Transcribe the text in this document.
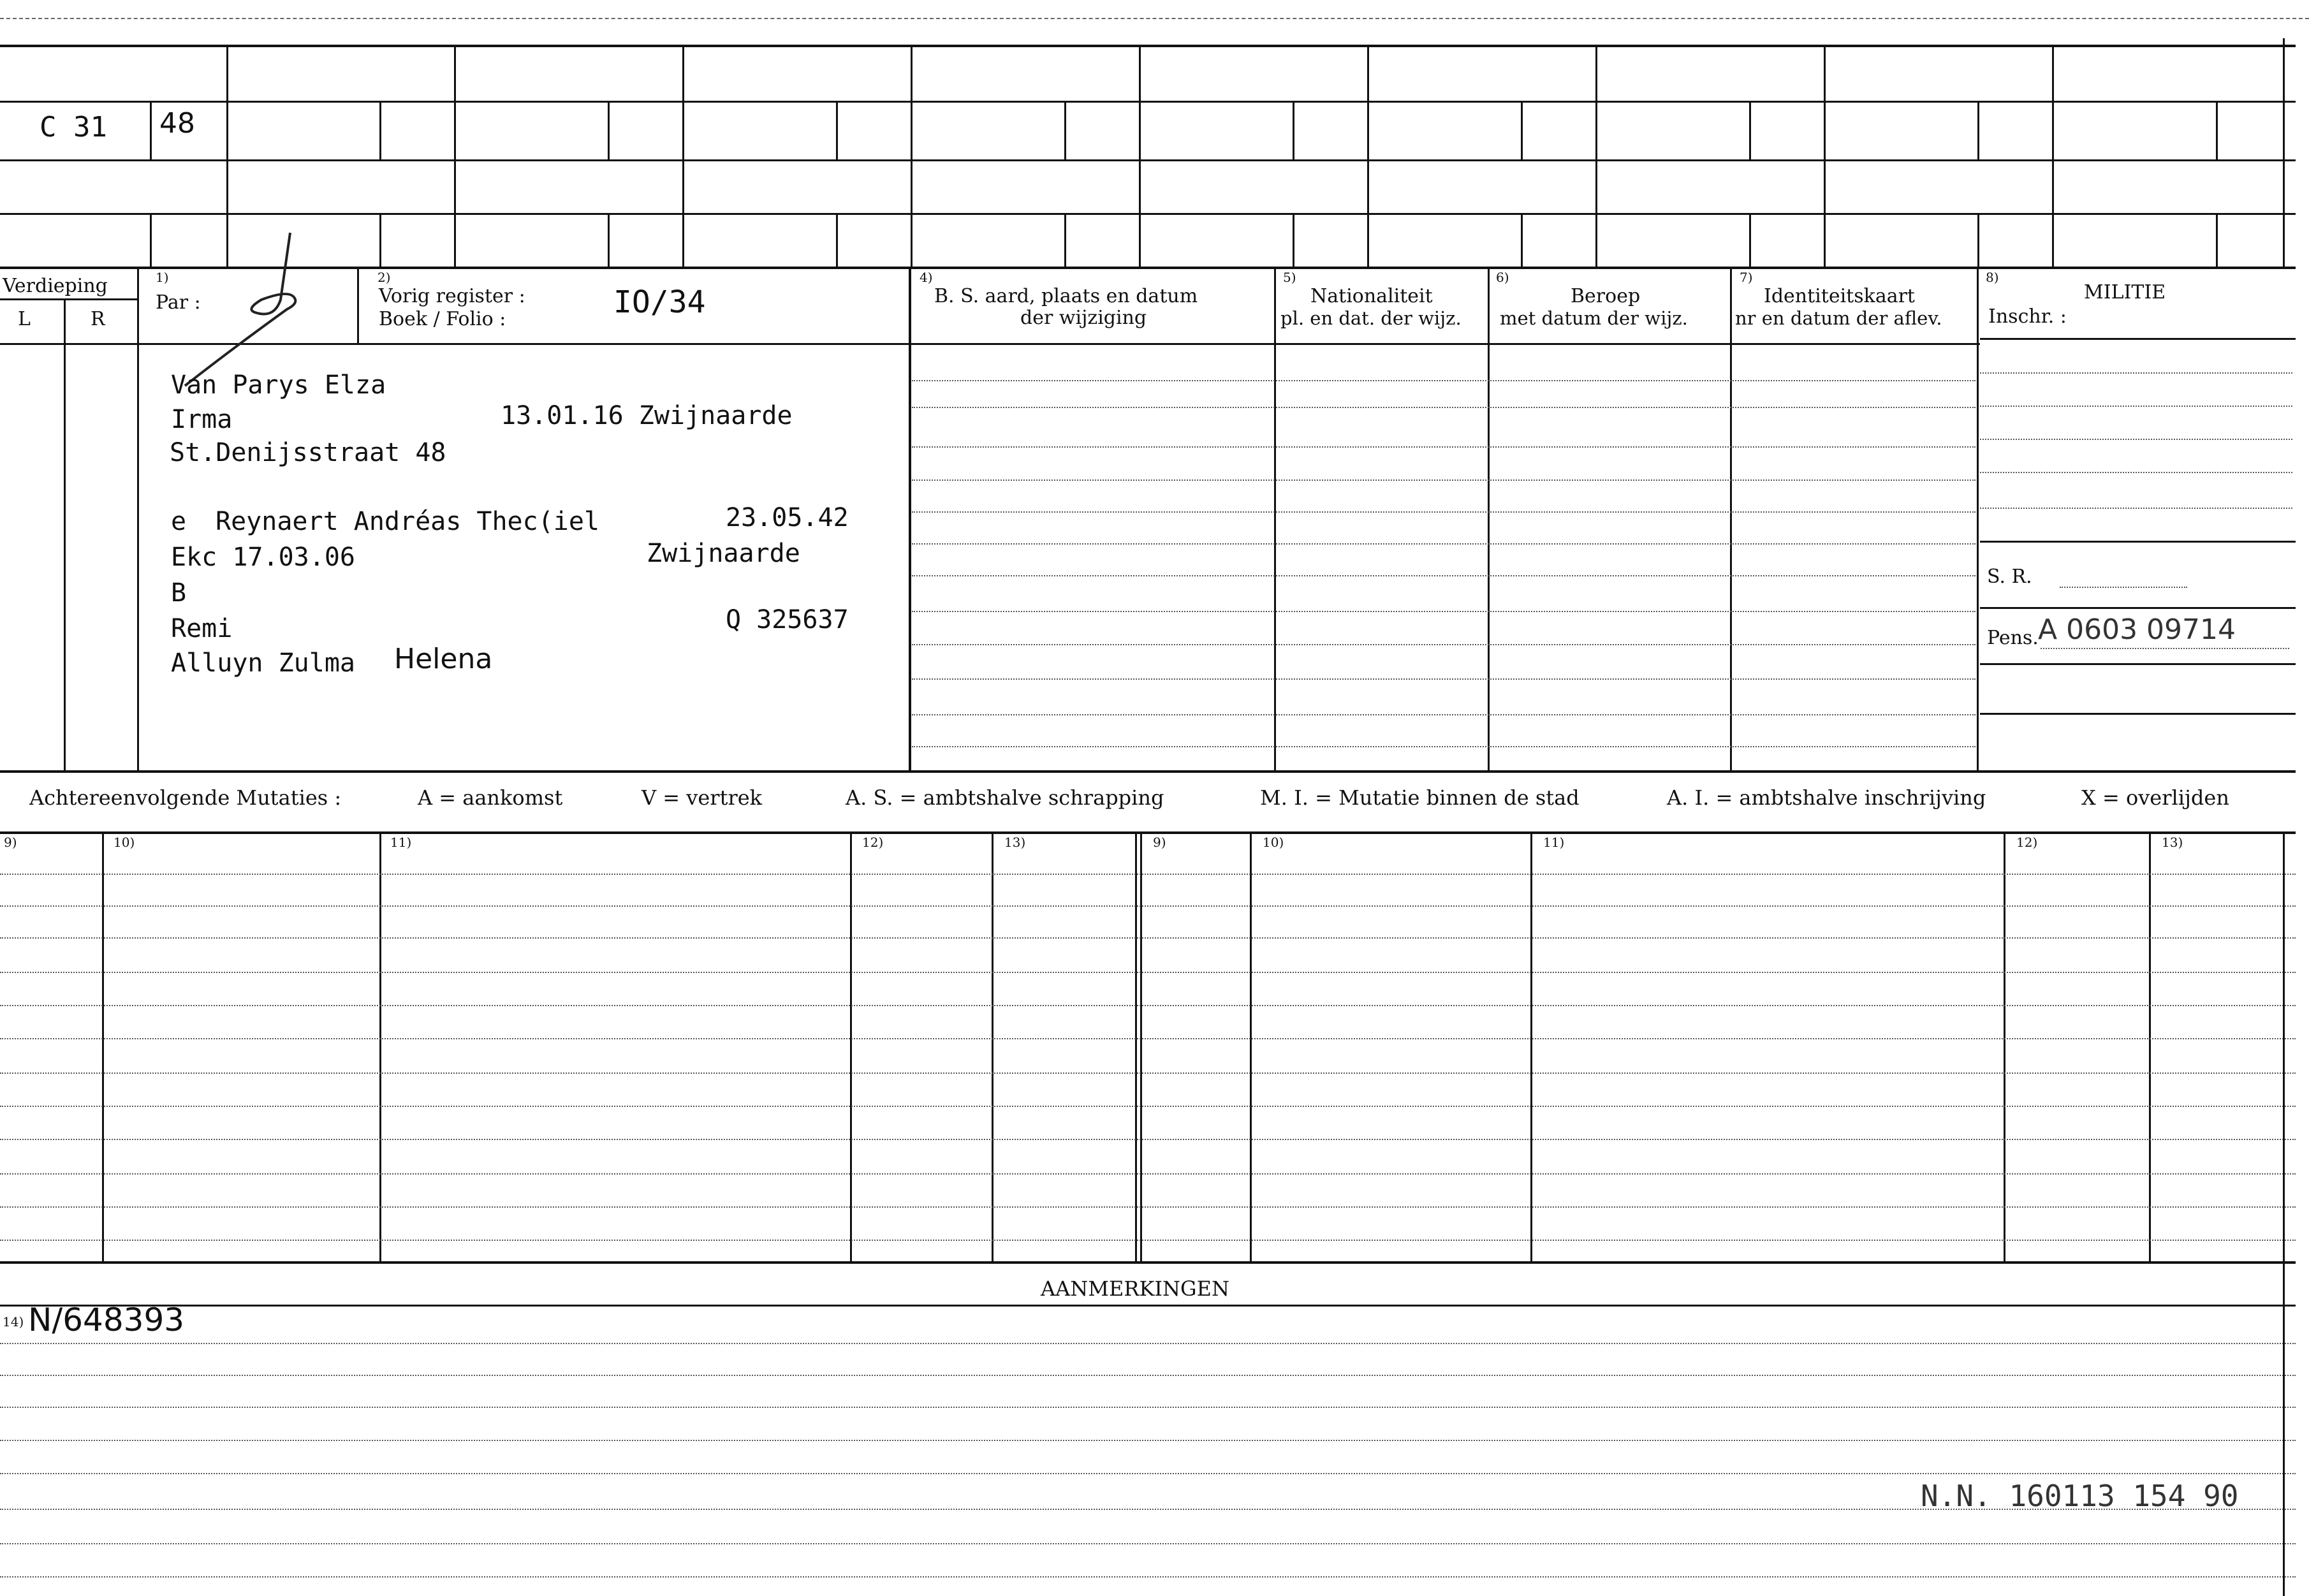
C 31 48
Verdieping
L	R
1)
Par :
2)
Vorig register :
Boek / Folio :	IO/34
4)
B. S. aard, plaats en datum
der wijziging
5)
Nationaliteit
pl. en dat. der wijz.
6)
Beroep
met datum der wijz.
7)
Identiteitskaart
nr en datum der aflev.
8)
MILITIE
Inschr. :
S. R.
Pens. A 0603 09714
Van Parys Elza
Irma	13.01.16 Zwijnaarde
St.Denijsstraat 48
e Reynaert Andréas Thec(iel	23.05.42
Ekc 17.03.06	Zwijnaarde
B
Remi	Q 325637
Alluyn Zulma Helena
Achtereenvolgende Mutaties :	A = aankomst	V = vertrek	A. S. = ambtshalve schrapping	M. I. = Mutatie binnen de stad	A. I. = ambtshalve inschrijving	X = overlijden
9)	10)	11)	12)	13)	9)	10)	11)	12)	13)
AANMERKINGEN
14) N/648393
N.N. 160113 154 90
